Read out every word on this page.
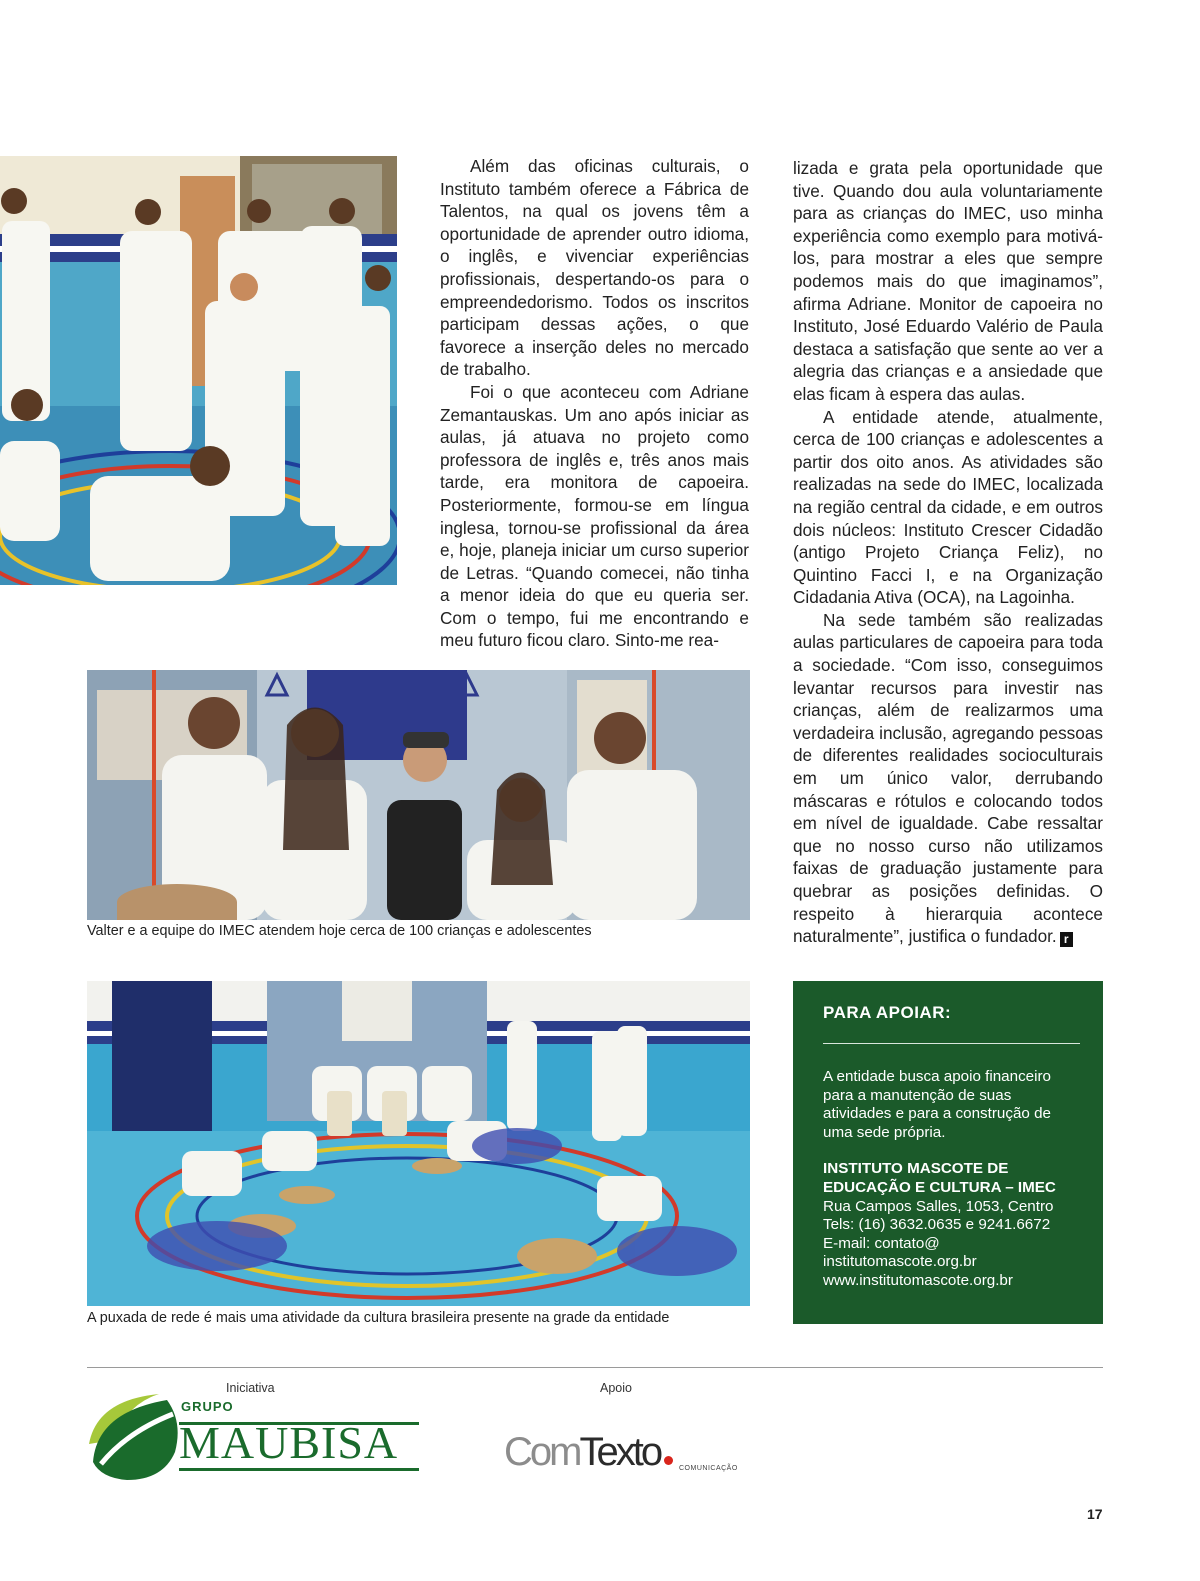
Além das oficinas culturais, o Instituto também oferece a Fábrica de Talentos, na qual os jovens têm a oportunidade de aprender outro idioma, o inglês, e vivenciar experiências profissionais, despertando-os para o empreendedorismo. Todos os inscritos participam dessas ações, o que favorece a inserção deles no mercado de trabalho.

Foi o que aconteceu com Adriane Zemantauskas. Um ano após iniciar as aulas, já atuava no projeto como professora de inglês e, três anos mais tarde, era monitora de capoeira. Posteriormente, formou-se em língua inglesa, tornou-se profissional da área e, hoje, planeja iniciar um curso superior de Letras. “Quando comecei, não tinha a menor ideia do que eu queria ser. Com o tempo, fui me encontrando e meu futuro ficou claro. Sinto-me rea-

lizada e grata pela oportunidade que tive. Quando dou aula voluntariamente para as crianças do IMEC, uso minha experiência como exemplo para motivá-los, para mostrar a eles que sempre podemos mais do que imaginamos”, afirma Adriane. Monitor de capoeira no Instituto, José Eduardo Valério de Paula destaca a satisfação que sente ao ver a alegria das crianças e a ansiedade que elas ficam à espera das aulas.

A entidade atende, atualmente, cerca de 100 crianças e adolescentes a partir dos oito anos. As atividades são realizadas na sede do IMEC, localizada na região central da cidade, e em outros dois núcleos: Instituto Crescer Cidadão (antigo Projeto Criança Feliz), no Quintino Facci I, e na Organização Cidadania Ativa (OCA), na Lagoinha.

Na sede também são realizadas aulas particulares de capoeira para toda a sociedade. “Com isso, conseguimos levantar recursos para investir nas crianças, além de realizarmos uma verdadeira inclusão, agregando pessoas de diferentes realidades socioculturais em um único valor, derrubando máscaras e rótulos e colocando todos em nível de igualdade. Cabe ressaltar que no nosso curso não utilizamos faixas de graduação justamente para quebrar as posições definidas. O respeito à hierarquia acontece naturalmente”, justifica o fundador. r

Valter e a equipe do IMEC atendem hoje cerca de 100 crianças e adolescentes
A puxada de rede é mais uma atividade da cultura brasileira presente na grade da entidade
PARA APOIAR:

A entidade busca apoio financeiro para a manutenção de suas atividades e para a construção de uma sede própria.

INSTITUTO MASCOTE DE

EDUCAÇÃO E CULTURA – IMEC

Rua Campos Salles, 1053, Centro

Tels: (16) 3632.0635 e 9241.6672

E-mail: contato@

institutomascote.org.br

www.institutomascote.org.br

Iniciativa	Apoio
GRUPO
MAUBISA	ComTexto	COMUNICAÇÃO
17
